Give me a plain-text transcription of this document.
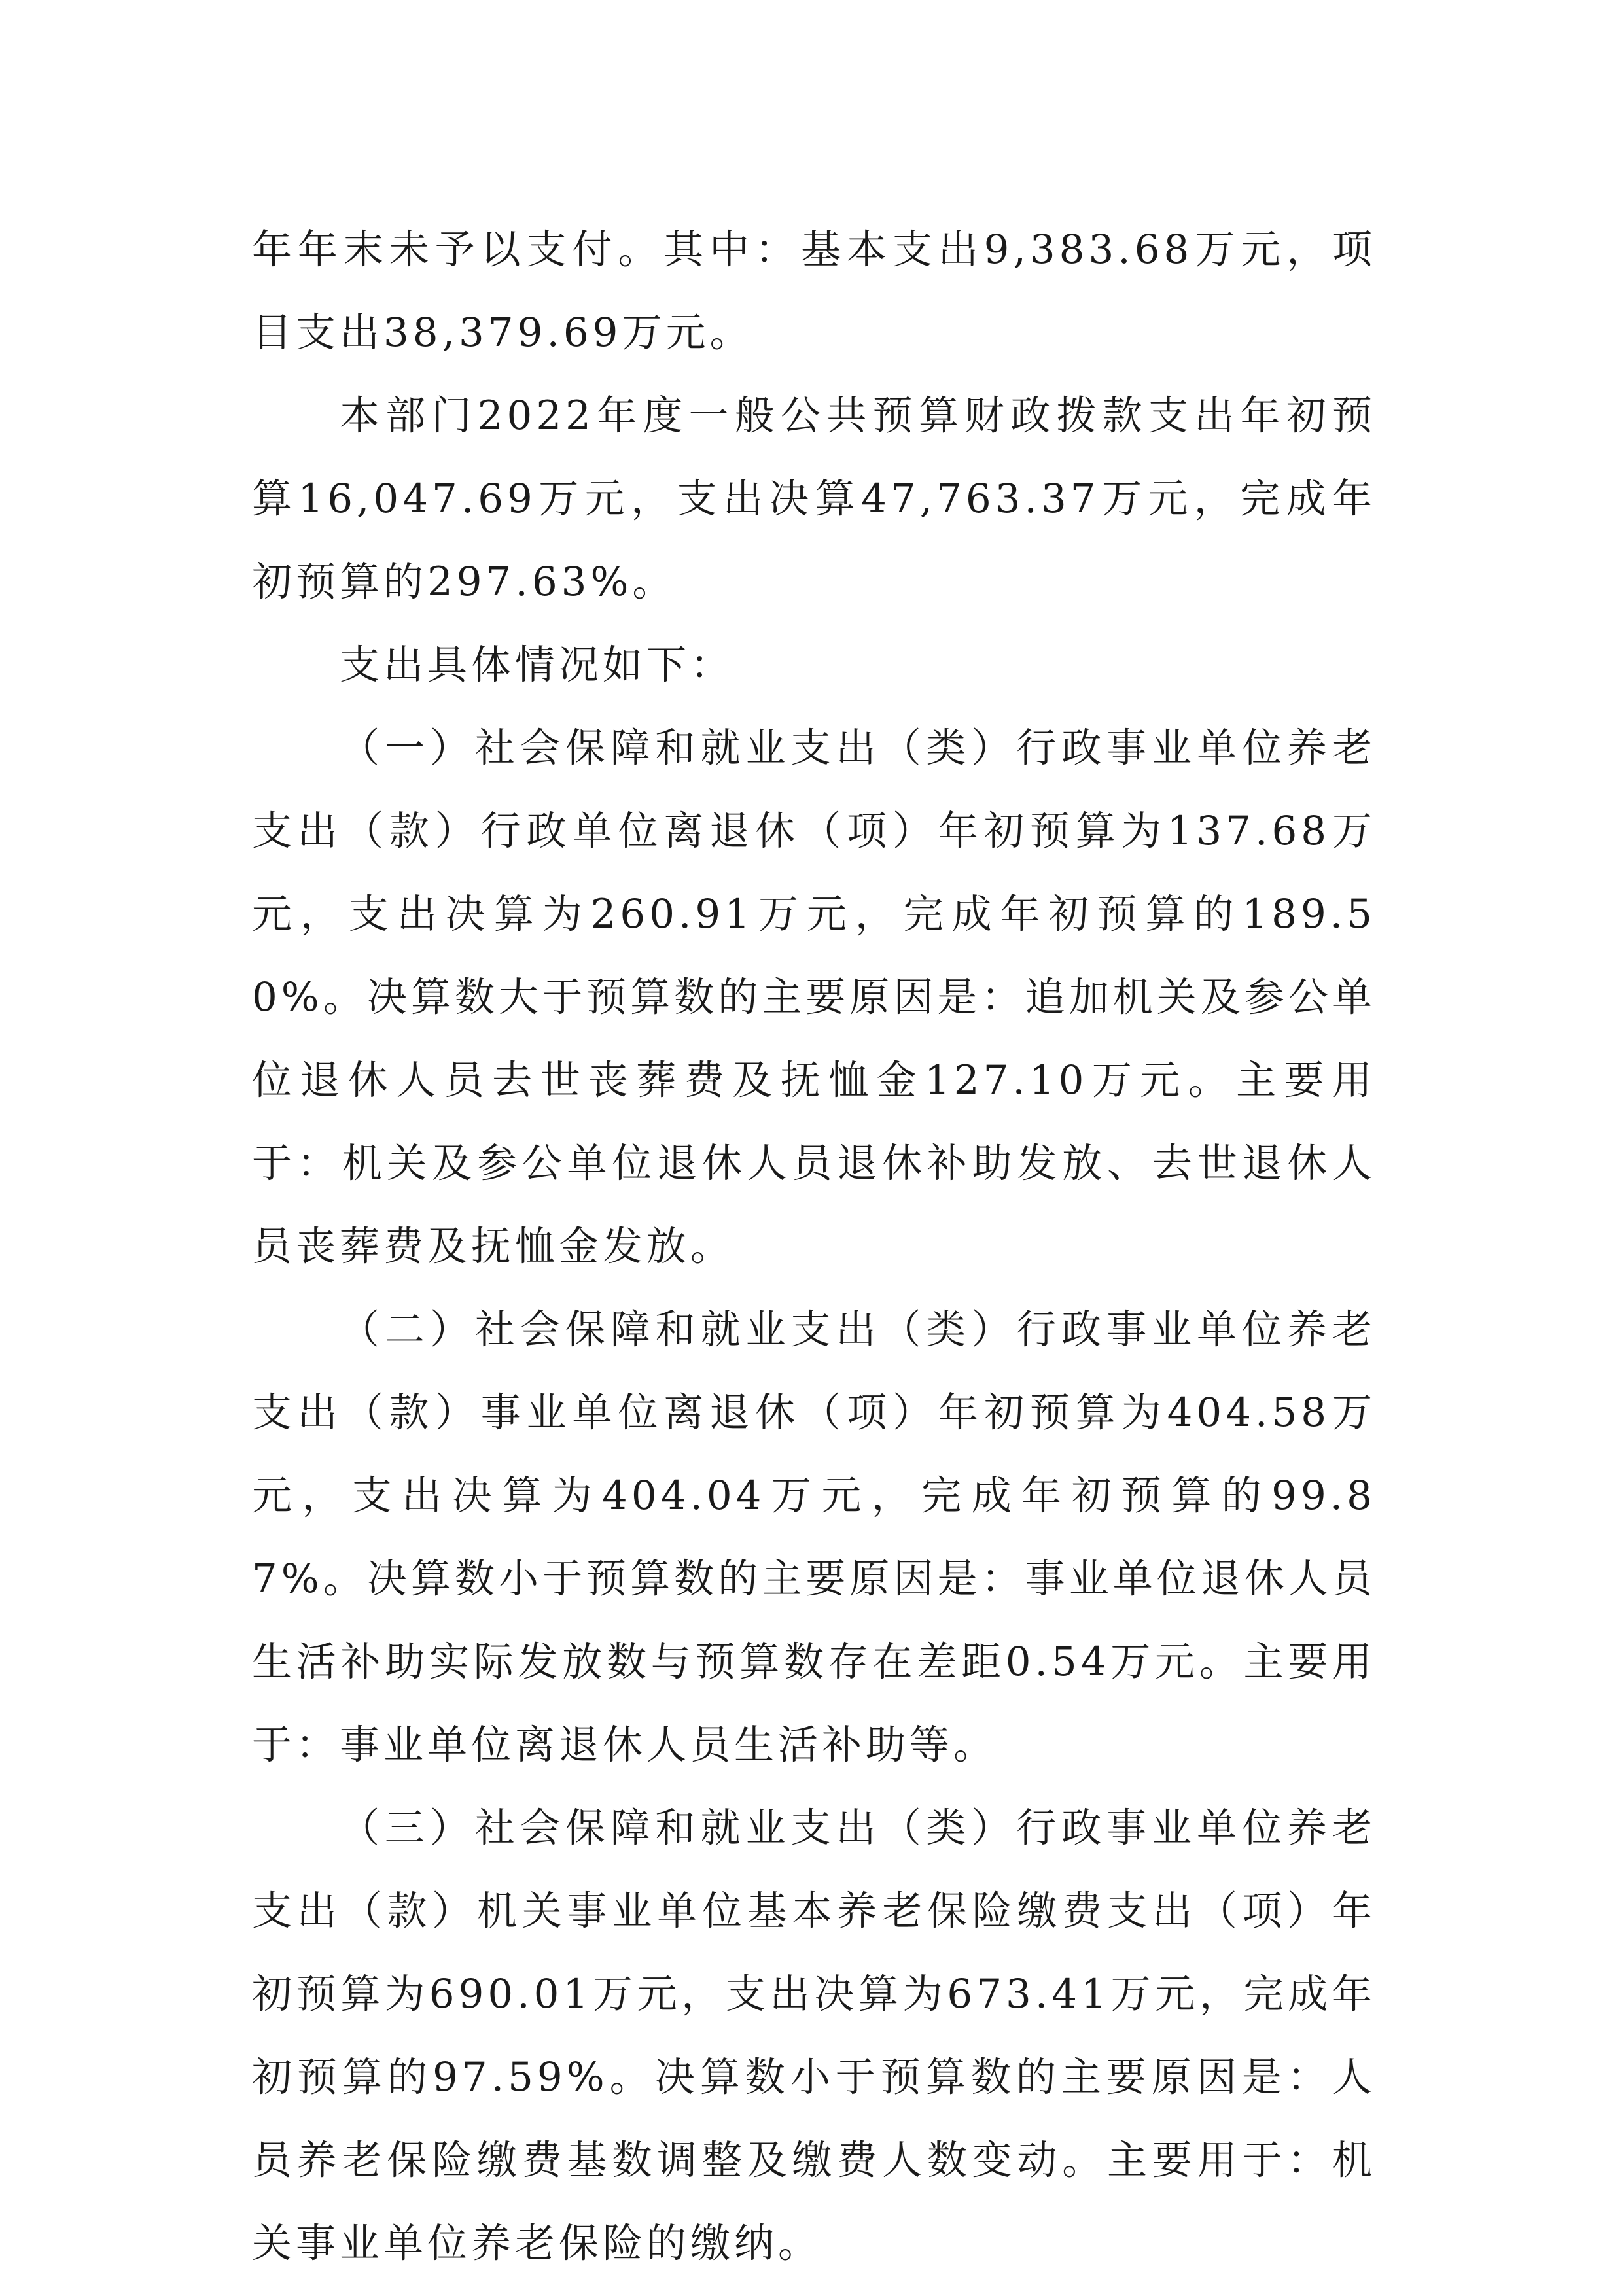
年年末未予以支付。其中：基本支出9,383.68万元，项目支出38,379.69万元。

本部门2022年度一般公共预算财政拨款支出年初预算16,047.69万元，支出决算47,763.37万元，完成年初预算的297.63%。

支出具体情况如下：

（一）社会保障和就业支出（类）行政事业单位养老支出（款）行政单位离退休（项）年初预算为137.68万元，支出决算为260.91万元，完成年初预算的189.50%。决算数大于预算数的主要原因是：追加机关及参公单位退休人员去世丧葬费及抚恤金127.10万元。主要用于：机关及参公单位退休人员退休补助发放、去世退休人员丧葬费及抚恤金发放。

（二）社会保障和就业支出（类）行政事业单位养老支出（款）事业单位离退休（项）年初预算为404.58万元，支出决算为404.04万元，完成年初预算的99.87%。决算数小于预算数的主要原因是：事业单位退休人员生活补助实际发放数与预算数存在差距0.54万元。主要用于：事业单位离退休人员生活补助等。

（三）社会保障和就业支出（类）行政事业单位养老支出（款）机关事业单位基本养老保险缴费支出（项）年初预算为690.01万元，支出决算为673.41万元，完成年初预算的97.59%。决算数小于预算数的主要原因是：人员养老保险缴费基数调整及缴费人数变动。主要用于：机关事业单位养老保险的缴纳。
